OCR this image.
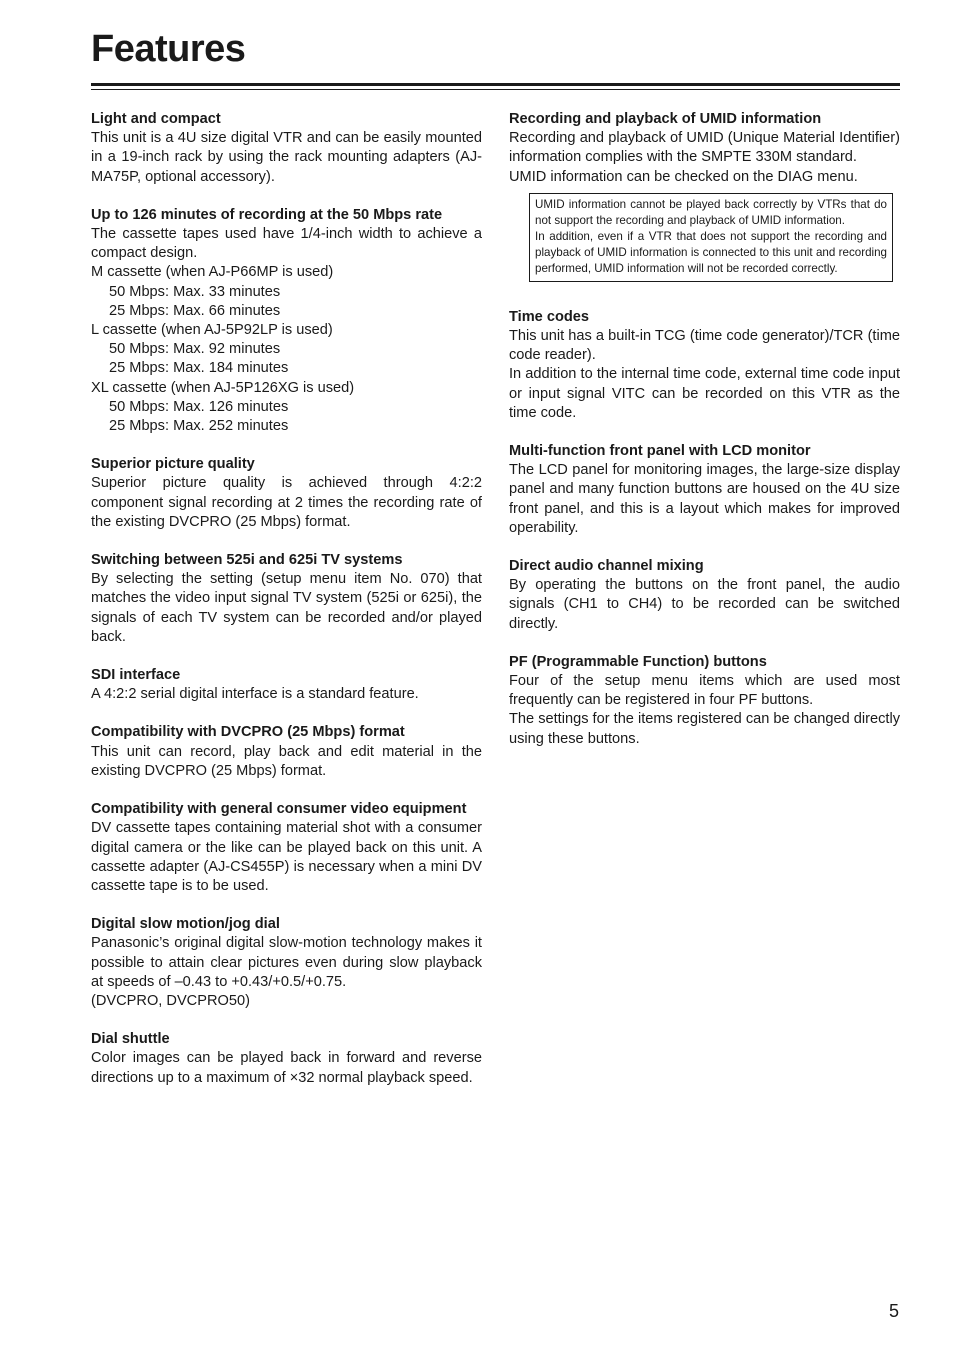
Features
Light and compact
This unit is a 4U size digital VTR and can be easily mounted in a 19-inch rack by using the rack mounting adapters (AJ-MA75P, optional accessory).
Up to 126 minutes of recording at the 50 Mbps rate
The cassette tapes used have 1/4-inch width to achieve a compact design.
M cassette (when AJ-P66MP is used)
50 Mbps: Max. 33 minutes
25 Mbps: Max. 66 minutes
L cassette (when AJ-5P92LP is used)
50 Mbps: Max. 92 minutes
25 Mbps: Max. 184 minutes
XL cassette (when AJ-5P126XG is used)
50 Mbps: Max. 126 minutes
25 Mbps: Max. 252 minutes
Superior picture quality
Superior picture quality is achieved through 4:2:2 component signal recording at 2 times the recording rate of the existing DVCPRO (25 Mbps) format.
Switching between 525i and 625i TV systems
By selecting the setting (setup menu item No. 070) that matches the video input signal TV system (525i or 625i), the signals of each TV system can be recorded and/or played back.
SDI interface
A 4:2:2 serial digital interface is a standard feature.
Compatibility with DVCPRO (25 Mbps) format
This unit can record, play back and edit material in the existing DVCPRO (25 Mbps) format.
Compatibility with general consumer video equipment
DV cassette tapes containing material shot with a consumer digital camera or the like can be played back on this unit. A cassette adapter (AJ-CS455P) is necessary when a mini DV cassette tape is to be used.
Digital slow motion/jog dial
Panasonic’s original digital slow-motion technology makes it possible to attain clear pictures even during slow playback at speeds of –0.43 to +0.43/+0.5/+0.75.
(DVCPRO, DVCPRO50)
Dial shuttle
Color images can be played back in forward and reverse directions up to a maximum of ×32 normal playback speed.
Recording and playback of UMID information
Recording and playback of UMID (Unique Material Identifier) information complies with the SMPTE 330M standard.
UMID information can be checked on the DIAG menu.
UMID information cannot be played back correctly by VTRs that do not support the recording and playback of UMID information.
In addition, even if a VTR that does not support the recording and playback of UMID information is connected to this unit and recording performed, UMID information will not be recorded correctly.
Time codes
This unit has a built-in TCG (time code generator)/TCR (time code reader).
In addition to the internal time code, external time code input or input signal VITC can be recorded on this VTR as the time code.
Multi-function front panel with LCD monitor
The LCD panel for monitoring images, the large-size display panel and many function buttons are housed on the 4U size front panel, and this is a layout which makes for improved operability.
Direct audio channel mixing
By operating the buttons on the front panel, the audio signals (CH1 to CH4) to be recorded can be switched directly.
PF (Programmable Function) buttons
Four of the setup menu items which are used most frequently can be registered in four PF buttons.
The settings for the items registered can be changed directly using these buttons.
5
